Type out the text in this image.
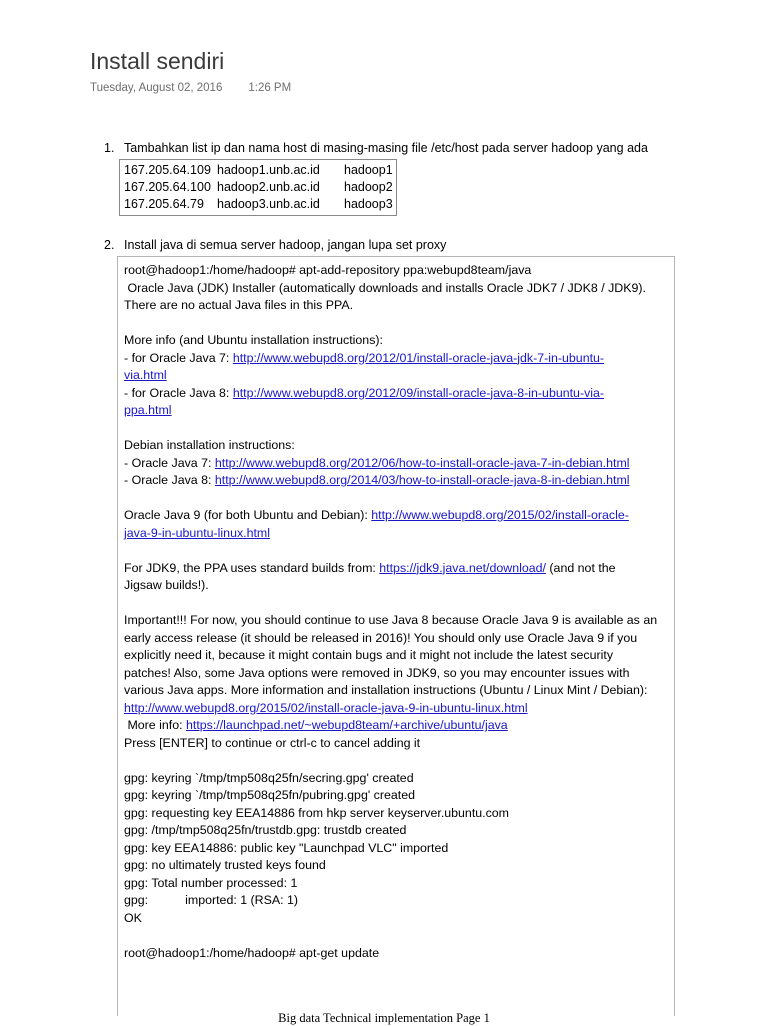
Install sendiri
Tuesday, August 02, 2016 1:26 PM
1. Tambahkan list ip dan nama host di masing-masing file /etc/host pada server hadoop yang ada
167.205.64.109 hadoop1.unb.ac.id	hadoop1
167.205.64.100 hadoop2.unb.ac.id	hadoop2
167.205.64.79	hadoop3.unb.ac.id	hadoop3
2. Install java di semua server hadoop, jangan lupa set proxy

root@hadoop1:/home/hadoop# apt-add-repository ppa:webupd8team/java

Oracle Java (JDK) Installer (automatically downloads and installs Oracle JDK7 / JDK8 / JDK9).

There are no actual Java files in this PPA.

More info (and Ubuntu installation instructions):

- for Oracle Java 7: http://www.webupd8.org/2012/01/install-oracle-java-jdk-7-in-ubuntu-

via.html

- for Oracle Java 8: http://www.webupd8.org/2012/09/install-oracle-java-8-in-ubuntu-via-

ppa.html

Debian installation instructions:

- Oracle Java 7: http://www.webupd8.org/2012/06/how-to-install-oracle-java-7-in-debian.html

- Oracle Java 8: http://www.webupd8.org/2014/03/how-to-install-oracle-java-8-in-debian.html

Oracle Java 9 (for both Ubuntu and Debian): http://www.webupd8.org/2015/02/install-oracle-

java-9-in-ubuntu-linux.html

For JDK9, the PPA uses standard builds from: https://jdk9.java.net/download/ (and not the

Jigsaw builds!).

Important!!! For now, you should continue to use Java 8 because Oracle Java 9 is available as an

early access release (it should be released in 2016)! You should only use Oracle Java 9 if you

explicitly need it, because it might contain bugs and it might not include the latest security

patches! Also, some Java options were removed in JDK9, so you may encounter issues with

various Java apps. More information and installation instructions (Ubuntu / Linux Mint / Debian):

http://www.webupd8.org/2015/02/install-oracle-java-9-in-ubuntu-linux.html

More info: https://launchpad.net/~webupd8team/+archive/ubuntu/java

Press [ENTER] to continue or ctrl-c to cancel adding it

gpg: keyring `/tmp/tmp508q25fn/secring.gpg' created

gpg: keyring `/tmp/tmp508q25fn/pubring.gpg' created

gpg: requesting key EEA14886 from hkp server keyserver.ubuntu.com

gpg: /tmp/tmp508q25fn/trustdb.gpg: trustdb created

gpg: key EEA14886: public key "Launchpad VLC" imported

gpg: no ultimately trusted keys found

gpg: Total number processed: 1

gpg:	imported: 1 (RSA: 1)

OK

root@hadoop1:/home/hadoop# apt-get update

Big data Technical implementation Page 1
